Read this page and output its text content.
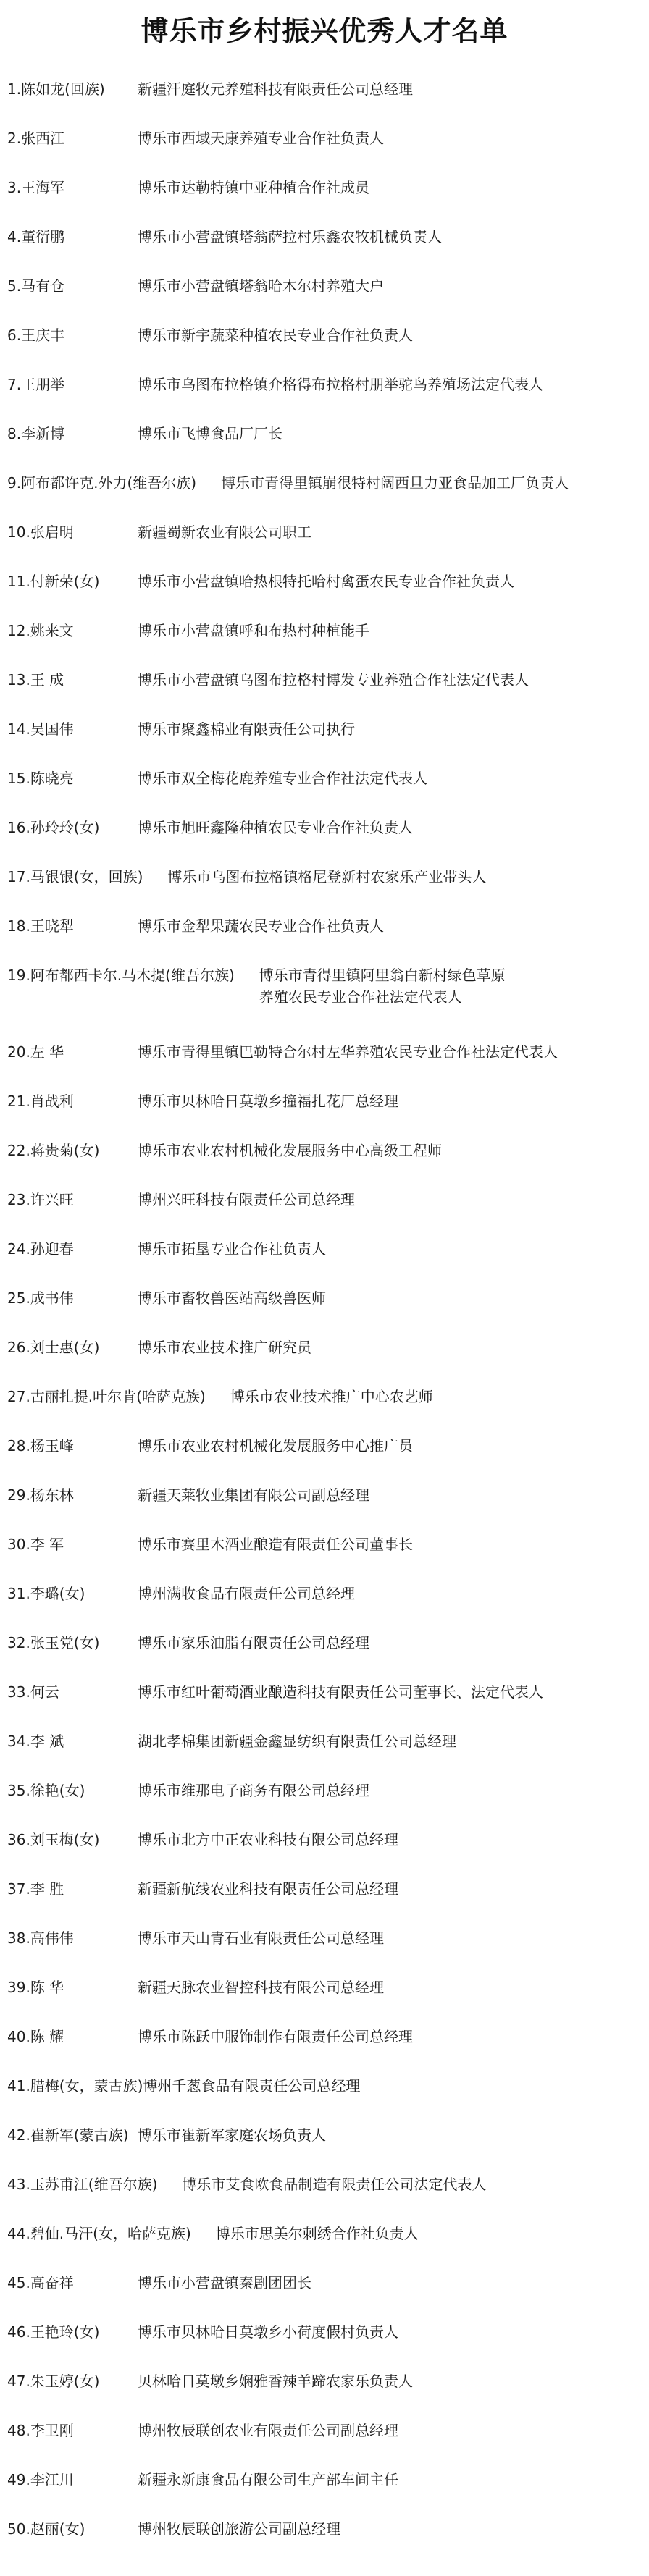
博乐市乡村振兴优秀人才名单
1. 陈如龙(回族) 新疆汗庭牧元养殖科技有限责任公司总经理
2. 张西江	博乐市西域天康养殖专业合作社负责人
3. 王海军	博乐市达勒特镇中亚种植合作社成员
4. 董衍鹏	博乐市小营盘镇塔翁萨拉村乐鑫农牧机械负责人
5. 马有仓	博乐市小营盘镇塔翁哈木尔村养殖大户
6. 王庆丰	博乐市新宇蔬菜种植农民专业合作社负责人
7. 王朋举	博乐市乌图布拉格镇介格得布拉格村朋举驼鸟养殖场法定代表人
8. 李新博	博乐市飞博食品厂厂长
9. 阿布都许克.外力(维吾尔族) 博乐市青得里镇崩很特村阔西旦力亚食品加工厂负责人
10. 张启明	新疆蜀新农业有限公司职工
11. 付新荣(女)	博乐市小营盘镇哈热根特托哈村禽蛋农民专业合作社负责人
12. 姚来文	博乐市小营盘镇呼和布热村种植能手
13. 王 成	博乐市小营盘镇乌图布拉格村博发专业养殖合作社法定代表人
14. 吴国伟	博乐市聚鑫棉业有限责任公司执行
15. 陈晓亮	博乐市双全梅花鹿养殖专业合作社法定代表人
16. 孙玲玲(女)	博乐市旭旺鑫隆种植农民专业合作社负责人
17. 马银银(女，回族) 博乐市乌图布拉格镇格尼登新村农家乐产业带头人
18. 王晓犁	博乐市金犁果蔬农民专业合作社负责人
19. 阿布都西卡尔.马木提(维吾尔族) 博乐市青得里镇阿里翁白新村绿色草原
养殖农民专业合作社法定代表人
20. 左 华	博乐市青得里镇巴勒特合尔村左华养殖农民专业合作社法定代表人
21. 肖战利	博乐市贝林哈日莫墩乡撞福扎花厂总经理
22. 蒋贵菊(女)	博乐市农业农村机械化发展服务中心高级工程师
23. 许兴旺	博州兴旺科技有限责任公司总经理
24. 孙迎春	博乐市拓垦专业合作社负责人
25. 成书伟	博乐市畜牧兽医站高级兽医师
26. 刘士惠(女)	博乐市农业技术推广研究员
27. 古丽扎提.叶尔肯(哈萨克族) 博乐市农业技术推广中心农艺师
28. 杨玉峰	博乐市农业农村机械化发展服务中心推广员
29. 杨东林	新疆天莱牧业集团有限公司副总经理
30. 李 军	博乐市赛里木酒业酿造有限责任公司董事长
31. 李璐(女)	博州满收食品有限责任公司总经理
32. 张玉党(女)	博乐市家乐油脂有限责任公司总经理
33. 何云	博乐市红叶葡萄酒业酿造科技有限责任公司董事长、法定代表人
34. 李 斌	湖北孝棉集团新疆金鑫显纺织有限责任公司总经理
35. 徐艳(女)	博乐市维那电子商务有限公司总经理
36. 刘玉梅(女)	博乐市北方中正农业科技有限公司总经理
37. 李 胜	新疆新航线农业科技有限责任公司总经理
38. 高伟伟	博乐市天山青石业有限责任公司总经理
39. 陈 华	新疆天脉农业智控科技有限公司总经理
40. 陈 耀	博乐市陈跃中服饰制作有限责任公司总经理
41. 腊梅(女，蒙古族) 博州千葱食品有限责任公司总经理
42. 崔新军(蒙古族) 博乐市崔新军家庭农场负责人
43. 玉苏甫江(维吾尔族) 博乐市艾食欧食品制造有限责任公司法定代表人
44. 碧仙.马汗(女，哈萨克族) 博乐市思美尔刺绣合作社负责人
45. 高奋祥	博乐市小营盘镇秦剧团团长
46. 王艳玲(女)	博乐市贝林哈日莫墩乡小荷度假村负责人
47. 朱玉婷(女)	贝林哈日莫墩乡娴雅香辣羊蹄农家乐负责人
48. 李卫刚	博州牧辰联创农业有限责任公司副总经理
49. 李江川	新疆永新康食品有限公司生产部车间主任
50. 赵丽(女)	博州牧辰联创旅游公司副总经理
